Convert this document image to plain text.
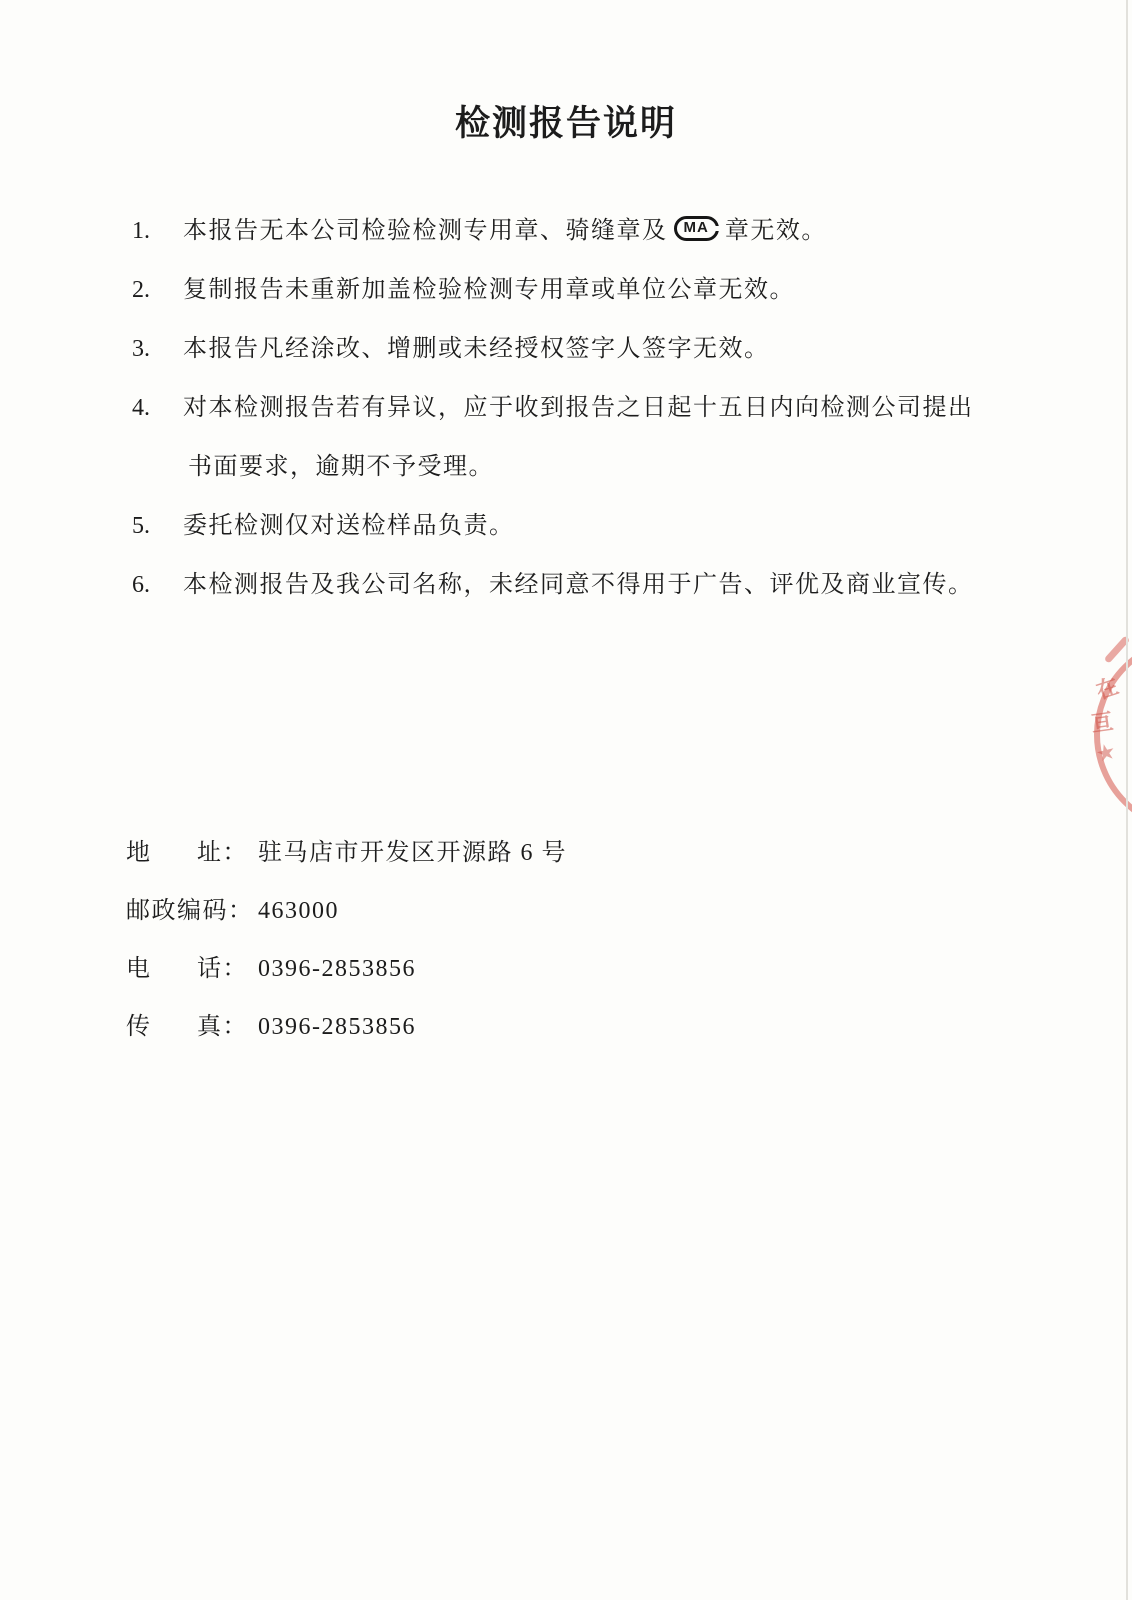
检测报告说明
1. 本报告无本公司检验检测专用章、骑缝章及 MA 章无效。
2. 复制报告未重新加盖检验检测专用章或单位公章无效。
3. 本报告凡经涂改、增删或未经授权签字人签字无效。
4. 对本检测报告若有异议，应于收到报告之日起十五日内向检测公司提出
书面要求，逾期不予受理。
5. 委托检测仅对送检样品负责。
6. 本检测报告及我公司名称，未经同意不得用于广告、评优及商业宣传。
地 址： 驻马店市开发区开源路 6 号
邮政编码： 463000
电 话： 0396-2853856
传 真： 0396-2853856
在
亘
★
